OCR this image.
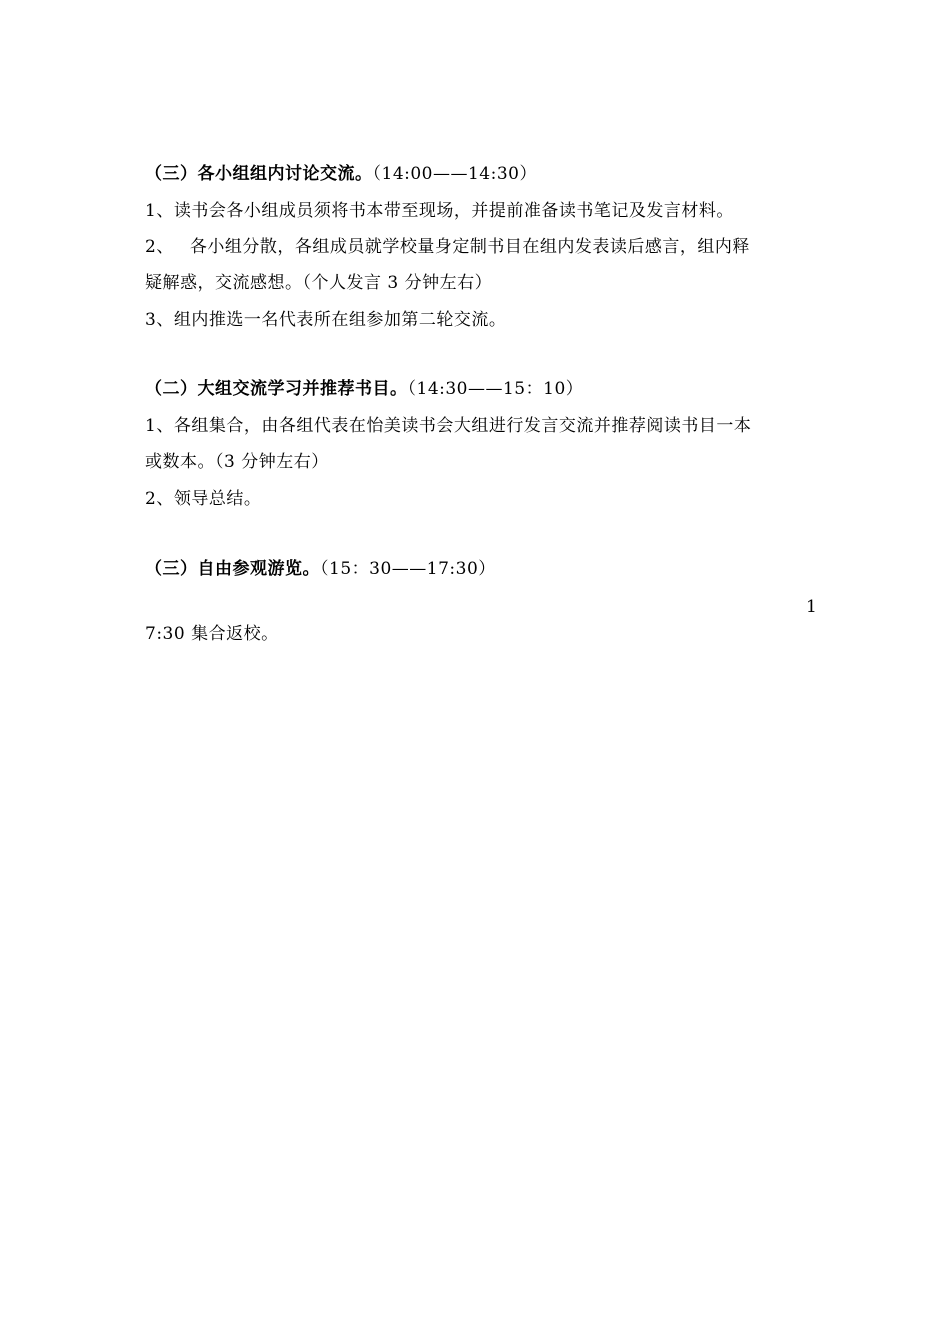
（三）各小组组内讨论交流。（14:00——14:30）
1、读书会各小组成员须将书本带至现场，并提前准备读书笔记及发言材料。
2、 各小组分散，各组成员就学校量身定制书目在组内发表读后感言，组内释
疑解惑，交流感想。（个人发言 3 分钟左右）
3、组内推选一名代表所在组参加第二轮交流。
（二）大组交流学习并推荐书目。（14:30——15：10）
1、各组集合，由各组代表在怡美读书会大组进行发言交流并推荐阅读书目一本
或数本。（3 分钟左右）
2、领导总结。
（三）自由参观游览。（15：30——17:30）
1
7:30 集合返校。
